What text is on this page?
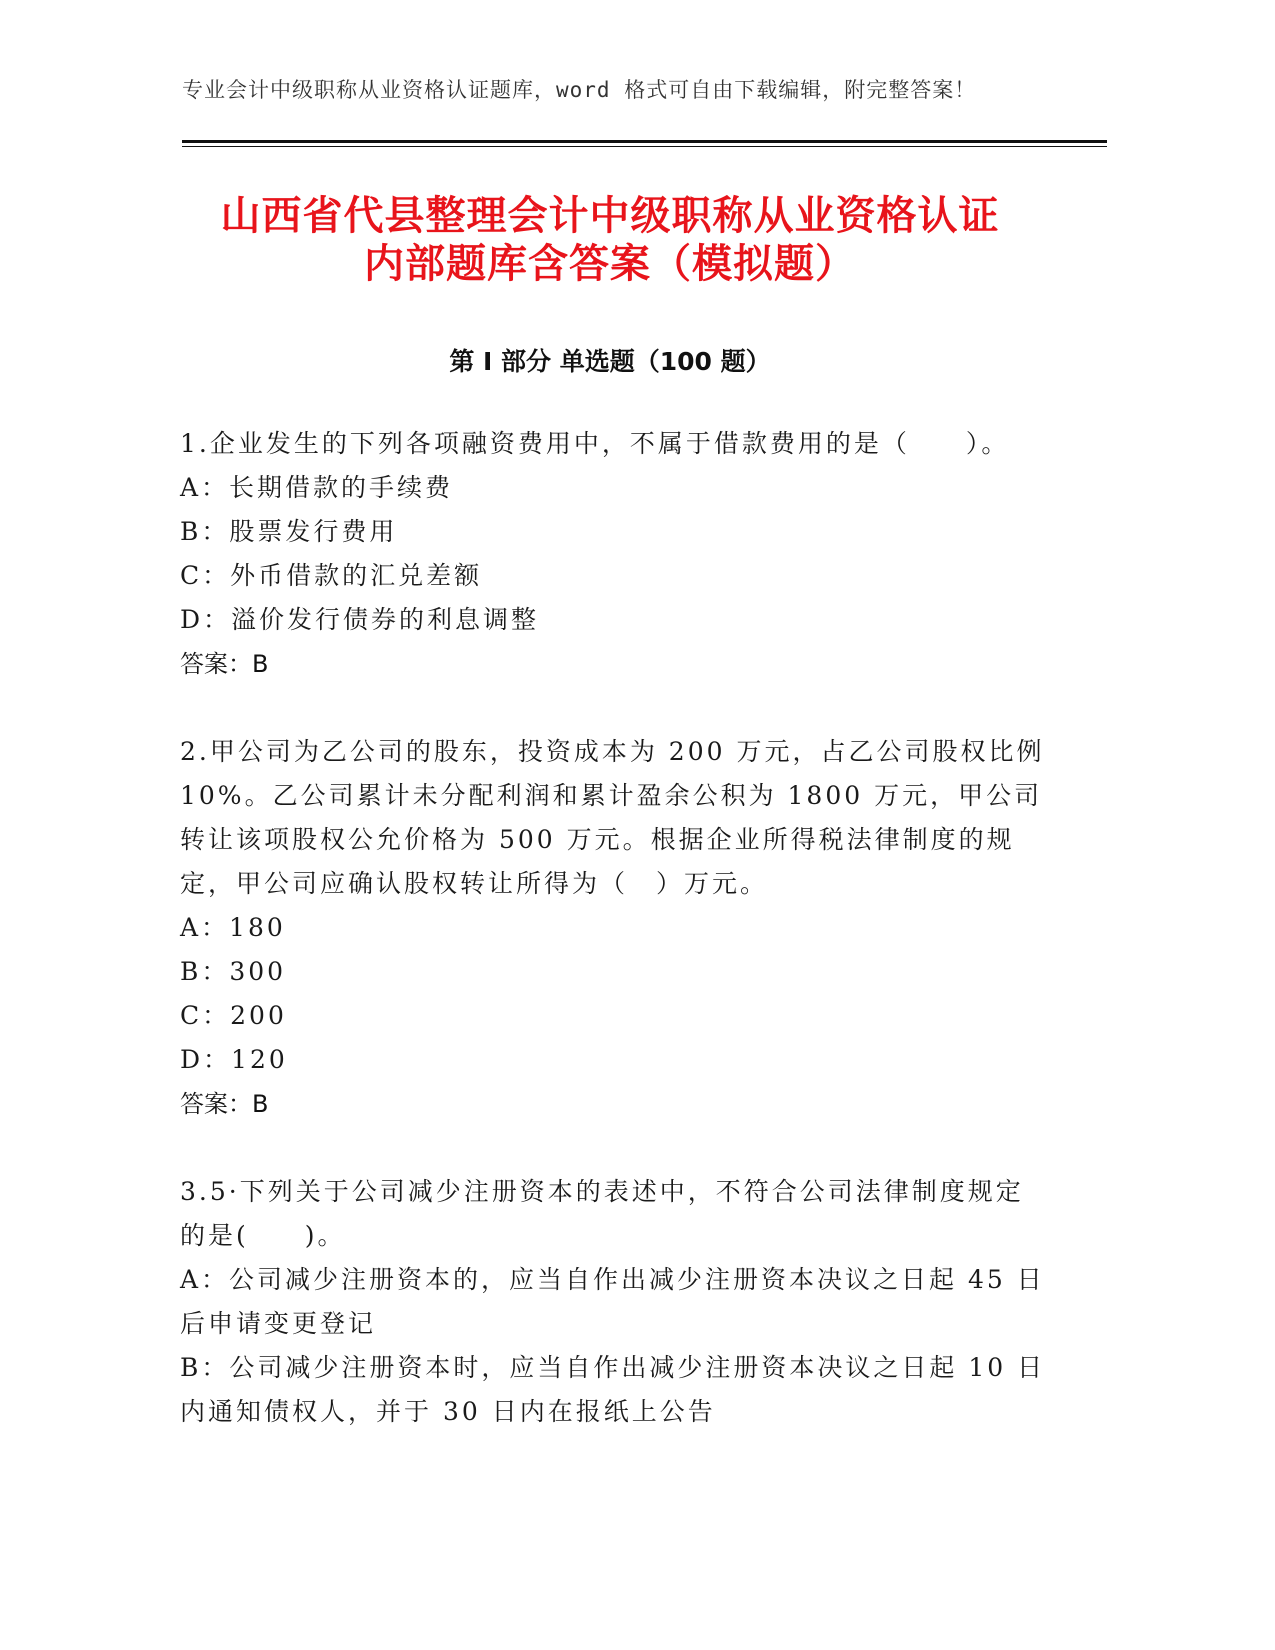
专业会计中级职称从业资格认证题库，word 格式可自由下载编辑，附完整答案！
山西省代县整理会计中级职称从业资格认证
内部题库含答案（模拟题）
第 I 部分 单选题（100 题）
1.企业发生的下列各项融资费用中，不属于借款费用的是（　　）。
A：长期借款的手续费
B：股票发行费用
C：外币借款的汇兑差额
D：溢价发行债券的利息调整
答案：B
2.甲公司为乙公司的股东，投资成本为 200 万元，占乙公司股权比例 10%。乙公司累计未分配利润和累计盈余公积为 1800 万元，甲公司转让该项股权公允价格为 500 万元。根据企业所得税法律制度的规定，甲公司应确认股权转让所得为（　）万元。
A：180
B：300
C：200
D：120
答案：B
3.5·下列关于公司减少注册资本的表述中，不符合公司法律制度规定的是(　　)。
A：公司减少注册资本的，应当自作出减少注册资本决议之日起 45 日后申请变更登记
B：公司减少注册资本时，应当自作出减少注册资本决议之日起 10 日内通知债权人，并于 30 日内在报纸上公告
